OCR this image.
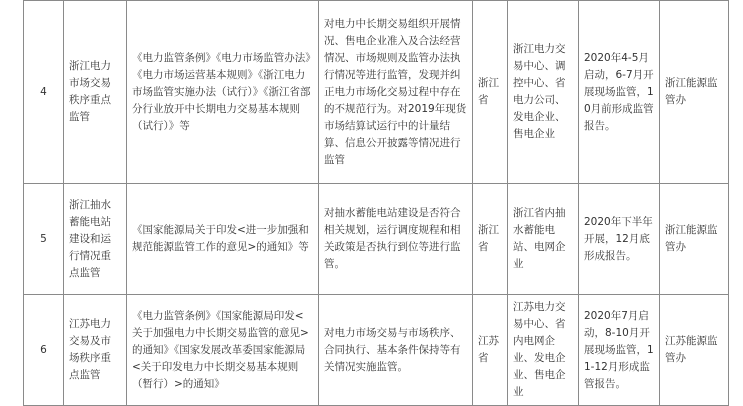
4	浙江电力市场交易秩序重点监管	《电力监管条例》《电力市场监管办法》《电力市场运营基本规则》《浙江电力市场监管实施办法（试行）》《浙江省部分行业放开中长期电力交易基本规则（试行）》等	对电力中长期交易组织开展情况、售电企业准入及合法经营情况、市场规则及监管办法执行情况等进行监管，发现并纠正电力市场化交易过程中存在的不规范行为。对2019年现货市场结算试运行中的计量结算、信息公开披露等情况进行监管	浙江省	浙江电力交易中心、调控中心、省电力公司、发电企业、售电企业	2020年4-5月启动，6-7月开展现场监管，10月前形成监管报告。	浙江能源监管办
5	浙江抽水蓄能电站建设和运行情况重点监管	《国家能源局关于印发<进一步加强和规范能源监管工作的意见>的通知》等	对抽水蓄能电站建设是否符合相关规划，运行调度规程和相关政策是否执行到位等进行监管。	浙江省	浙江省内抽水蓄能电站、电网企业	2020年下半年开展，12月底形成报告。	浙江能源监管办
6	江苏电力交易及市场秩序重点监管	《电力监管条例》《国家能源局印发<关于加强电力中长期交易监管的意见>的通知》《国家发展改革委国家能源局<关于印发电力中长期交易基本规则（暂行）>的通知》	对电力市场交易与市场秩序、合同执行、基本条件保持等有关情况实施监管。	江苏省	江苏电力交易中心、省内电网企业、发电企业、售电企业	2020年7月启动，8-10月开展现场监管，11-12月形成监管报告。	江苏能源监管办
